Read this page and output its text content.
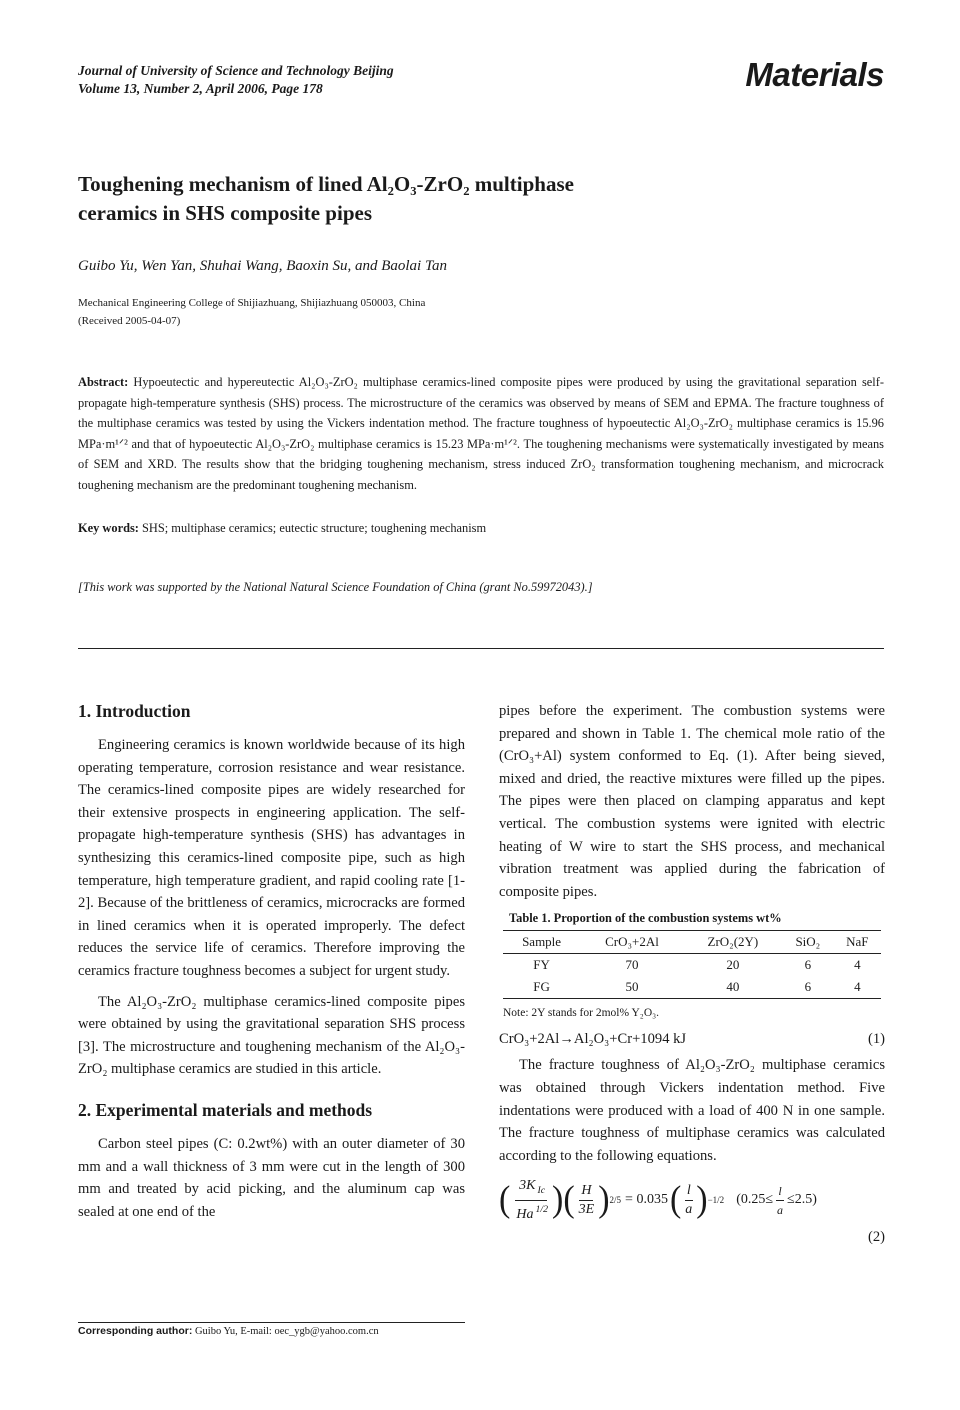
Journal of University of Science and Technology Beijing
Volume 13, Number 2, April 2006, Page 178	Materials
Toughening mechanism of lined Al₂O₃-ZrO₂ multiphase
ceramics in SHS composite pipes
Guibo Yu, Wen Yan, Shuhai Wang, Baoxin Su, and Baolai Tan
Mechanical Engineering College of Shijiazhuang, Shijiazhuang 050003, China
(Received 2005-04-07)
Abstract: Hypoeutectic and hypereutectic Al₂O₃-ZrO₂ multiphase ceramics-lined composite pipes were produced by using the gravitational separation self-propagate high-temperature synthesis (SHS) process. The microstructure of the ceramics was observed by means of SEM and EPMA. The fracture toughness of the multiphase ceramics was tested by using the Vickers indentation method. The fracture toughness of hypoeutectic Al₂O₃-ZrO₂ multiphase ceramics is 15.96 MPa·m¹ᐟ² and that of hypoeutectic Al₂O₃-ZrO₂ multiphase ceramics is 15.23 MPa·m¹ᐟ². The toughening mechanisms were systematically investigated by means of SEM and XRD. The results show that the bridging toughening mechanism, stress induced ZrO₂ transformation toughening mechanism, and microcrack toughening mechanism are the predominant toughening mechanism.
Key words: SHS; multiphase ceramics; eutectic structure; toughening mechanism
[This work was supported by the National Natural Science Foundation of China (grant No.59972043).]
1. Introduction

Engineering ceramics is known worldwide because of its high operating temperature, corrosion resistance and wear resistance. The ceramics-lined composite pipes are widely researched for their extensive prospects in engineering application. The self-propagate high-temperature synthesis (SHS) has advantages in synthesizing this ceramics-lined composite pipe, such as high temperature, high temperature gradient, and rapid cooling rate [1-2]. Because of the brittleness of ceramics, microcracks are formed in lined ceramics when it is operated improperly. The defect reduces the service life of ceramics. Therefore improving the ceramics fracture toughness becomes a subject for urgent study.

The Al₂O₃-ZrO₂ multiphase ceramics-lined composite pipes were obtained by using the gravitational separation SHS process [3]. The microstructure and toughening mechanism of the Al₂O₃-ZrO₂ multiphase ceramics are studied in this article.

2. Experimental materials and methods

Carbon steel pipes (C: 0.2wt%) with an outer diameter of 30 mm and a wall thickness of 3 mm were cut in the length of 300 mm and treated by acid picking, and the aluminum cap was sealed at one end of the

pipes before the experiment. The combustion systems were prepared and shown in Table 1. The chemical mole ratio of the (CrO₃+Al) system conformed to Eq. (1). After being sieved, mixed and dried, the reactive mixtures were filled up the pipes. The pipes were then placed on clamping apparatus and kept vertical. The combustion systems were ignited with electric heating of W wire to start the SHS process, and mechanical vibration treatment was applied during the fabrication of composite pipes.

Table 1. Proportion of the combustion systems wt%
Sample	CrO₃+2Al	ZrO₂(2Y)	SiO₂	NaF
FY	70	20	6	4
FG	50	40	6	4
Note: 2Y stands for 2mol% Y₂O₃.
CrO₃+2Al→Al₂O₃+Cr+1094 kJ	(1)

The fracture toughness of Al₂O₃-ZrO₂ multiphase ceramics was obtained through Vickers indentation method. Five indentations were produced with a load of 400 N in one sample. The fracture toughness of multiphase ceramics was calculated according to the following equations.

( $\frac{3K _{Ic}}{Ha ^{1/2}}$ ) ( $\frac{H}{3E}$ ) 2/5 = 0.035 ( $\frac{l}{a}$ ) −1/2 $(0.25\le \frac{l}{a} \le 2.5)$
(2)
Corresponding author: Guibo Yu, E-mail: oec_ygb@yahoo.com.cn
